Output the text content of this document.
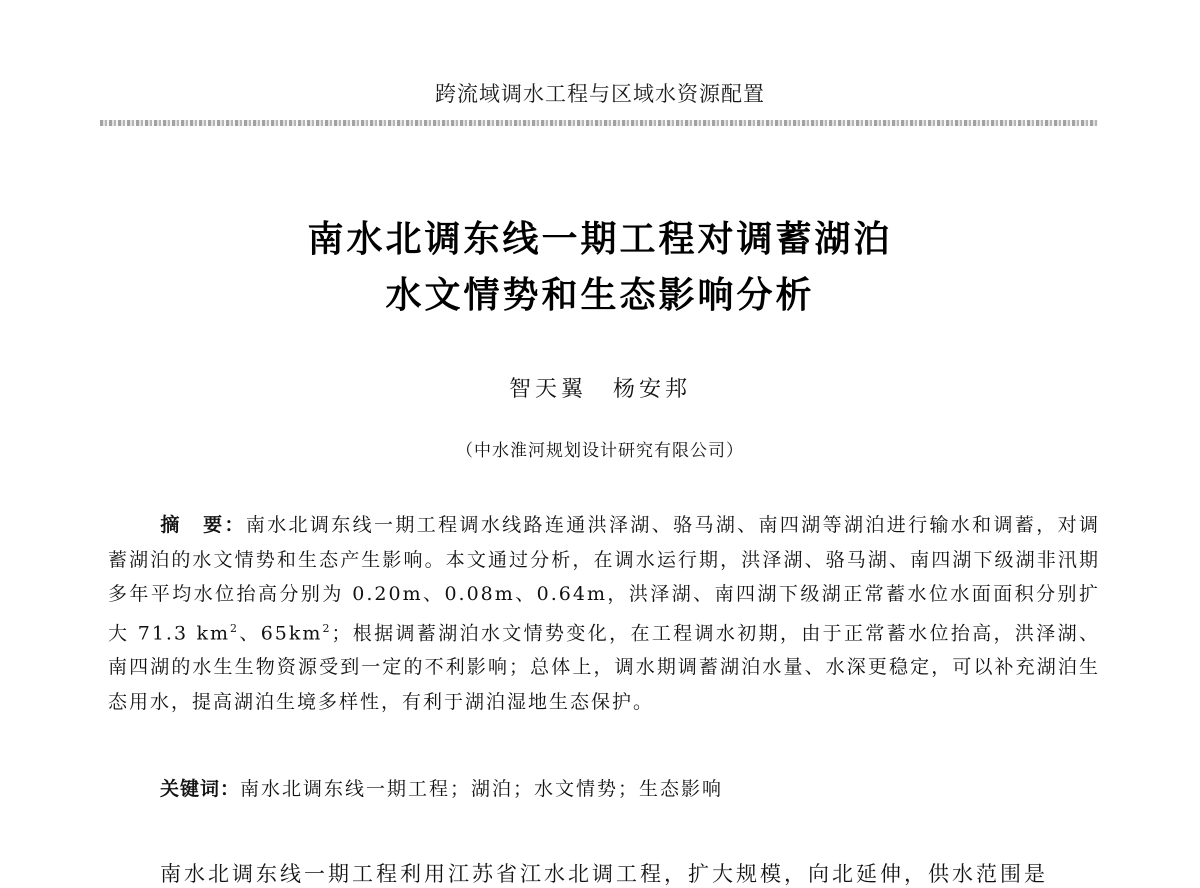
跨流域调水工程与区域水资源配置
南水北调东线一期工程对调蓄湖泊
水文情势和生态影响分析
智天翼　杨安邦
（中水淮河规划设计研究有限公司）

摘　要：南水北调东线一期工程调水线路连通洪泽湖、骆马湖、南四湖等湖泊进行输水和调蓄，对调蓄湖泊的水文情势和生态产生影响。本文通过分析，在调水运行期，洪泽湖、骆马湖、南四湖下级湖非汛期多年平均水位抬高分别为 0.20m、0.08m、0.64m，洪泽湖、南四湖下级湖正常蓄水位水面面积分别扩大 71.3 $km^2$、$65km^2$；根据调蓄湖泊水文情势变化，在工程调水初期，由于正常蓄水位抬高，洪泽湖、南四湖的水生生物资源受到一定的不利影响；总体上，调水期调蓄湖泊水量、水深更稳定，可以补充湖泊生态用水，提高湖泊生境多样性，有利于湖泊湿地生态保护。

关键词：南水北调东线一期工程；湖泊；水文情势；生态影响

南水北调东线一期工程利用江苏省江水北调工程，扩大规模，向北延伸，供水范围是
